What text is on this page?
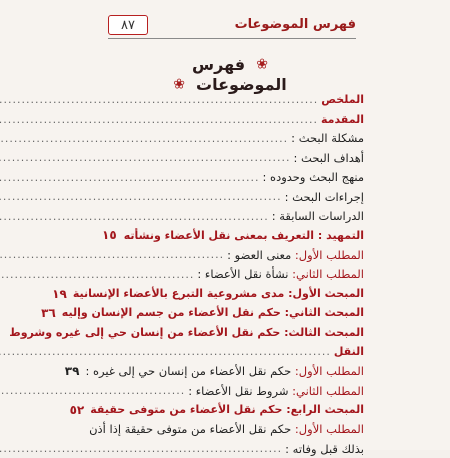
فهرس الموضوعات
٨٧
❀ فهرس الموضوعات ❀
الملخص
.....
المقدمة
.....
مشكلة البحث :
.....
أهداف البحث :
.....
منهج البحث وحدوده :
.....
إجراءات البحث :
.....
الدراسات السابقة :
.....
التمهيد : التعريف بمعنى نقل الأعضاء ونشأته
.....
١٥
المطلب الأول: معنى العضو :
.....
المطلب الثاني: نشأة نقل الأعضاء :
.....
المبحث الأول: مدى مشروعية التبرع بالأعضاء الإنسانية
١٩
المبحث الثاني: حكم نقل الأعضاء من جسم الإنسان وإليه
٣٦
المبحث الثالث: حكم نقل الأعضاء من إنسان حي إلى غيره وشروط
النقل
.....
المطلب الأول: حكم نقل الأعضاء من إنسان حي إلى غيره :
٣٩
المطلب الثاني: شروط نقل الأعضاء :
.....
المبحث الرابع: حكم نقل الأعضاء من متوفى حقيقة
٥٢
المطلب الأول: حكم نقل الأعضاء من متوفى حقيقة إذا أذن
بذلك قبل وفاته :
.....
